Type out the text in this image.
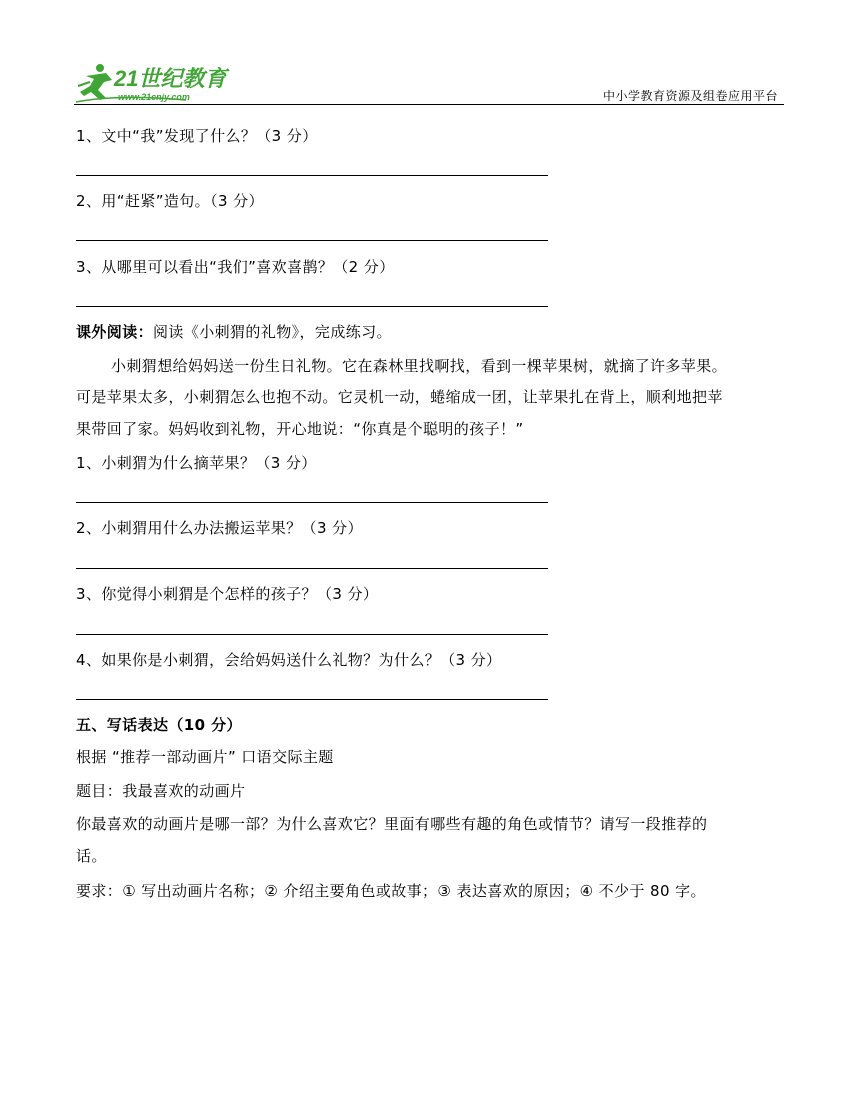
21世纪教育
www.21cnjy.com	中小学教育资源及组卷应用平台
1、文中“我”发现了什么？（3 分）
2、用“赶紧”造句。（3 分）
3、从哪里可以看出“我们”喜欢喜鹊？（2 分）
课外阅读：阅读《小刺猬的礼物》，完成练习。
小刺猬想给妈妈送一份生日礼物。它在森林里找啊找，看到一棵苹果树，就摘了许多苹果。
可是苹果太多，小刺猬怎么也抱不动。它灵机一动，蜷缩成一团，让苹果扎在背上，顺利地把苹
果带回了家。妈妈收到礼物，开心地说：“你真是个聪明的孩子！”
1、小刺猬为什么摘苹果？（3 分）
2、小刺猬用什么办法搬运苹果？（3 分）
3、你觉得小刺猬是个怎样的孩子？（3 分）
4、如果你是小刺猬，会给妈妈送什么礼物？为什么？（3 分）
五、写话表达（10 分）
根据 “推荐一部动画片” 口语交际主题
题目：我最喜欢的动画片
你最喜欢的动画片是哪一部？为什么喜欢它？里面有哪些有趣的角色或情节？请写一段推荐的
话。
要求：① 写出动画片名称；② 介绍主要角色或故事；③ 表达喜欢的原因；④ 不少于 80 字。
